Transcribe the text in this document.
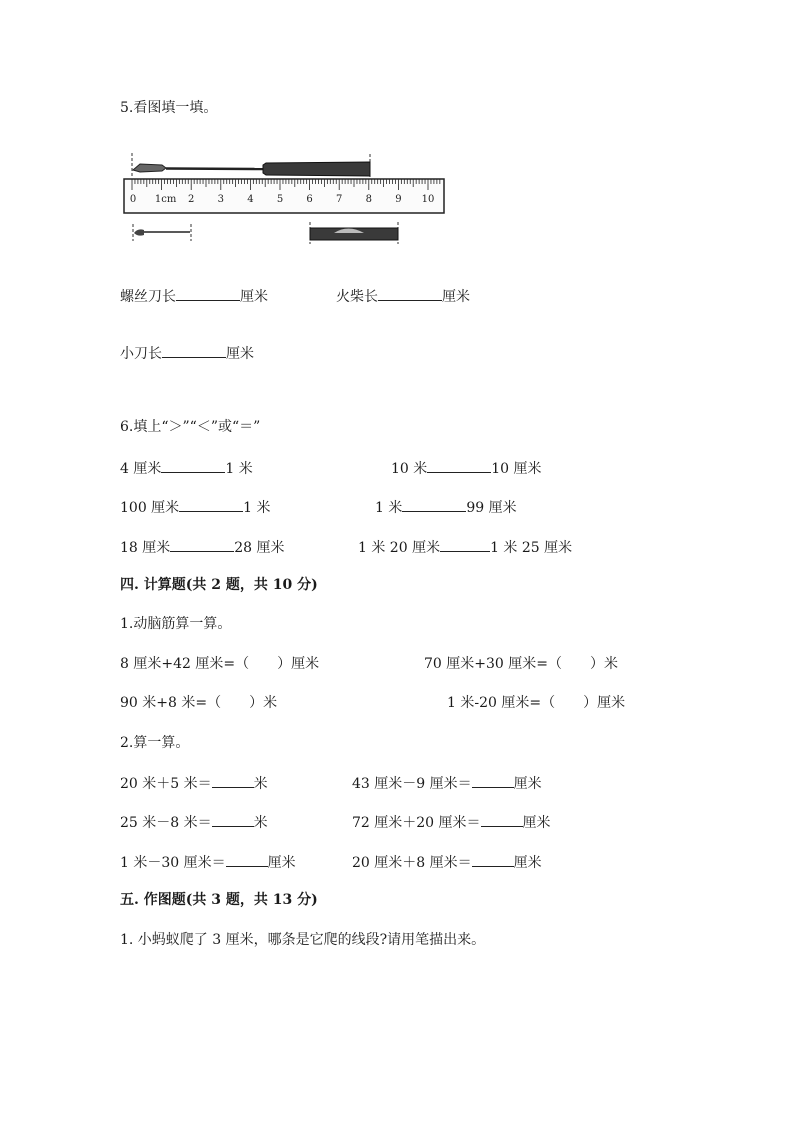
5.看图填一填。
0 1cm 2 3 4 5 6 7 8 9 10
螺丝刀长	厘米	火柴长	厘米
小刀长	厘米
6.填上“＞”“＜”或“＝”
4 厘米	1 米	10 米	10 厘米
100 厘米	1 米	1 米	99 厘米
18 厘米	28 厘米	1 米 20 厘米	1 米 25 厘米
四. 计算题(共 2 题，共 10 分)
1.动脑筋算一算。
8 厘米+42 厘米=（　　）厘米	70 厘米+30 厘米=（　　）米
90 米+8 米=（　　）米	1 米-20 厘米=（　　）厘米
2.算一算。
20 米＋5 米＝	米	43 厘米－9 厘米＝	厘米
25 米－8 米＝	米	72 厘米＋20 厘米＝	厘米
1 米－30 厘米＝	厘米	20 厘米＋8 厘米＝	厘米
五. 作图题(共 3 题，共 13 分)
1. 小蚂蚁爬了 3 厘米，哪条是它爬的线段?请用笔描出来。
